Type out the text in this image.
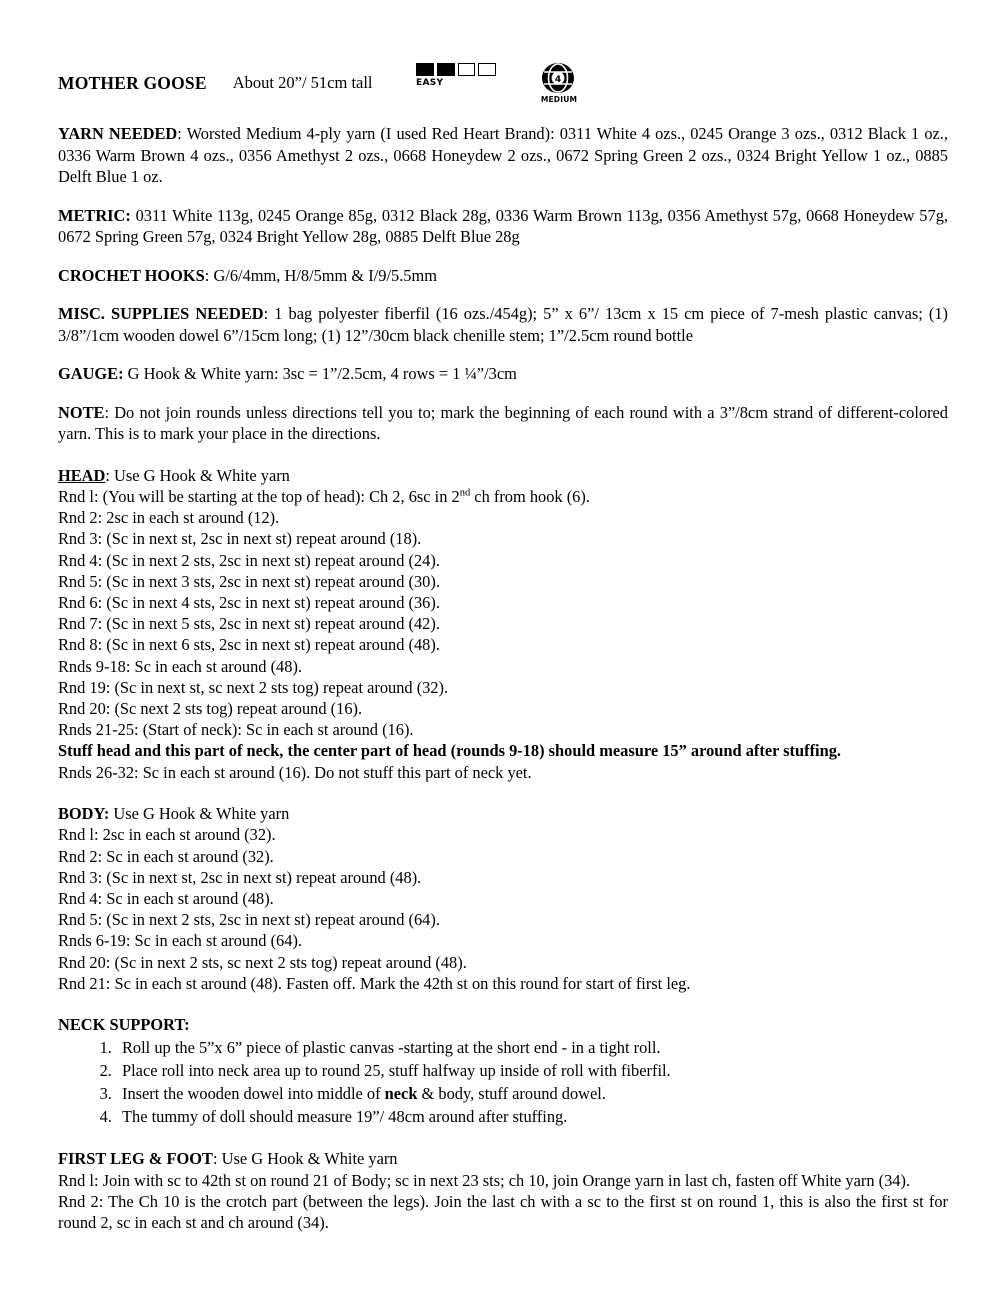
MOTHER GOOSE	About 20”/ 51cm tall	EASY	4
MEDIUM
YARN NEEDED: Worsted Medium 4-ply yarn (I used Red Heart Brand): 0311 White 4 ozs., 0245 Orange 3 ozs., 0312 Black 1 oz., 0336 Warm Brown 4 ozs., 0356 Amethyst 2 ozs., 0668 Honeydew 2 ozs., 0672 Spring Green 2 ozs., 0324 Bright Yellow 1 oz., 0885 Delft Blue 1 oz.
METRIC: 0311 White 113g, 0245 Orange 85g, 0312 Black 28g, 0336 Warm Brown 113g, 0356 Amethyst 57g, 0668 Honeydew 57g, 0672 Spring Green 57g, 0324 Bright Yellow 28g, 0885 Delft Blue 28g
CROCHET HOOKS: G/6/4mm, H/8/5mm & I/9/5.5mm
MISC. SUPPLIES NEEDED: 1 bag polyester fiberfil (16 ozs./454g); 5” x 6”/ 13cm x 15 cm piece of 7-mesh plastic canvas; (1) 3/8”/1cm wooden dowel 6”/15cm long; (1) 12”/30cm black chenille stem; 1”/2.5cm round bottle
GAUGE: G Hook & White yarn: 3sc = 1”/2.5cm, 4 rows = 1 ¼”/3cm
NOTE: Do not join rounds unless directions tell you to; mark the beginning of each round with a 3”/8cm strand of different-colored yarn. This is to mark your place in the directions.
HEAD: Use G Hook & White yarn
Rnd l: (You will be starting at the top of head): Ch 2, 6sc in 2nd ch from hook (6).
Rnd 2: 2sc in each st around (12).
Rnd 3: (Sc in next st, 2sc in next st) repeat around (18).
Rnd 4: (Sc in next 2 sts, 2sc in next st) repeat around (24).
Rnd 5: (Sc in next 3 sts, 2sc in next st) repeat around (30).
Rnd 6: (Sc in next 4 sts, 2sc in next st) repeat around (36).
Rnd 7: (Sc in next 5 sts, 2sc in next st) repeat around (42).
Rnd 8: (Sc in next 6 sts, 2sc in next st) repeat around (48).
Rnds 9-18: Sc in each st around (48).
Rnd 19: (Sc in next st, sc next 2 sts tog) repeat around (32).
Rnd 20: (Sc next 2 sts tog) repeat around (16).
Rnds 21-25: (Start of neck): Sc in each st around (16).
Stuff head and this part of neck, the center part of head (rounds 9-18) should measure 15” around after stuffing.
Rnds 26-32: Sc in each st around (16). Do not stuff this part of neck yet.
BODY: Use G Hook & White yarn
Rnd l: 2sc in each st around (32).
Rnd 2: Sc in each st around (32).
Rnd 3: (Sc in next st, 2sc in next st) repeat around (48).
Rnd 4: Sc in each st around (48).
Rnd 5: (Sc in next 2 sts, 2sc in next st) repeat around (64).
Rnds 6-19: Sc in each st around (64).
Rnd 20: (Sc in next 2 sts, sc next 2 sts tog) repeat around (48).
Rnd 21: Sc in each st around (48). Fasten off. Mark the 42th st on this round for start of first leg.
NECK SUPPORT:
1. Roll up the 5”x 6” piece of plastic canvas -starting at the short end - in a tight roll.
2. Place roll into neck area up to round 25, stuff halfway up inside of roll with fiberfil.
3. Insert the wooden dowel into middle of neck & body, stuff around dowel.
4. The tummy of doll should measure 19”/ 48cm around after stuffing.
FIRST LEG & FOOT: Use G Hook & White yarn
Rnd l: Join with sc to 42th st on round 21 of Body; sc in next 23 sts; ch 10, join Orange yarn in last ch, fasten off White yarn (34).
Rnd 2: The Ch 10 is the crotch part (between the legs). Join the last ch with a sc to the first st on round 1, this is also the first st for round 2, sc in each st and ch around (34).
